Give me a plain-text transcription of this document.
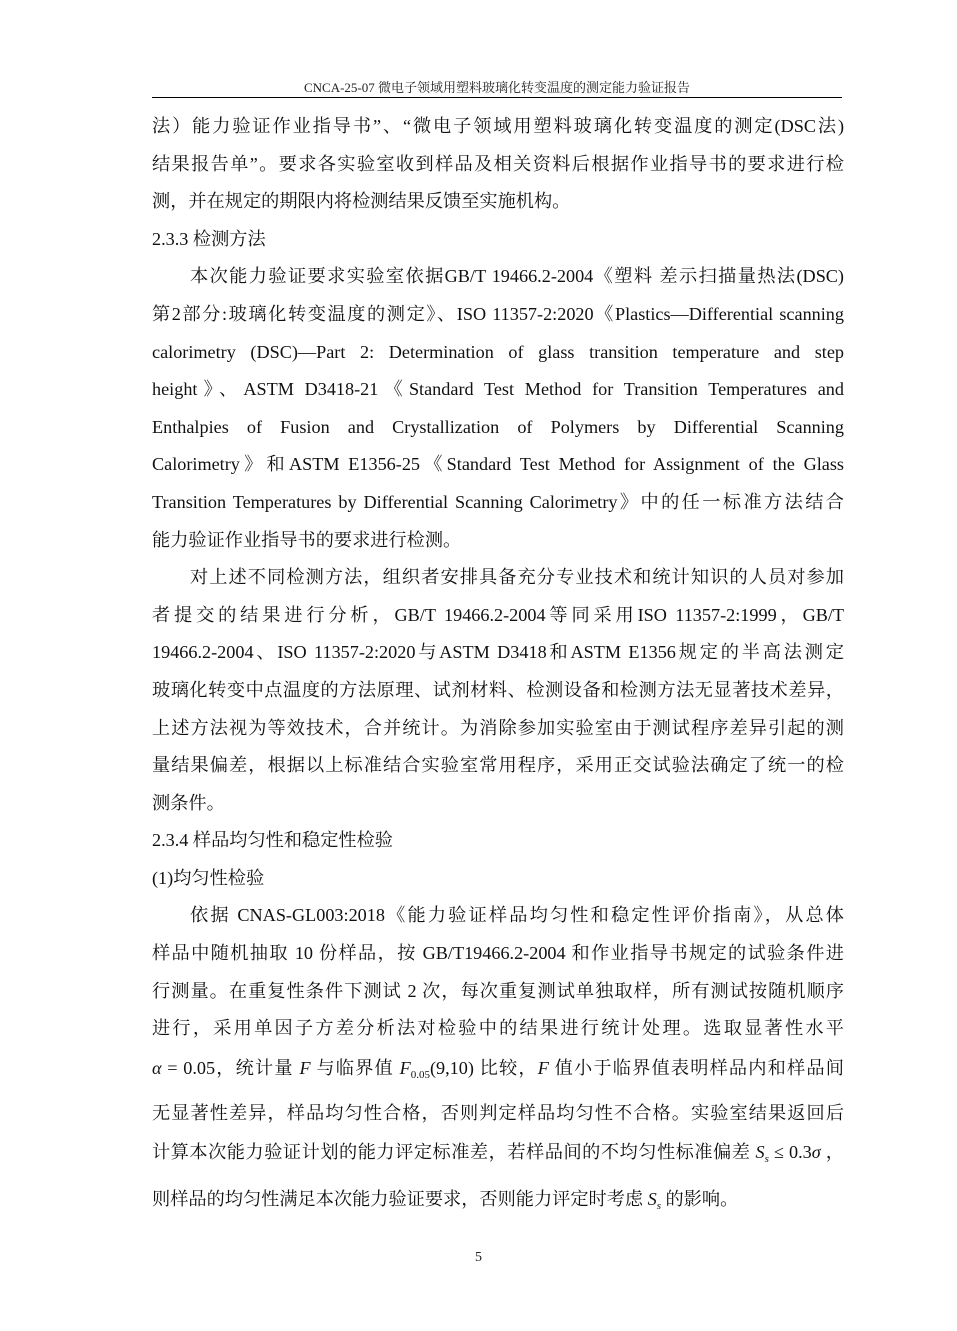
CNCA-25-07 微电子领域用塑料玻璃化转变温度的测定能力验证报告

法）能力验证作业指导书”、“微电子领域用塑料玻璃化转变温度的测定(DSC法)
结果报告单”。要求各实验室收到样品及相关资料后根据作业指导书的要求进行检
测，并在规定的期限内将检测结果反馈至实施机构。

2.3.3 检测方法

本次能力验证要求实验室依据GB/T 19466.2-2004《塑料 差示扫描量热法(DSC)
第2部分:玻璃化转变温度的测定》、ISO 11357-2:2020《Plastics—Differential scanning
calorimetry (DSC)—Part 2: Determination of glass transition temperature and step
height》、ASTM D3418-21《Standard Test Method for Transition Temperatures and
Enthalpies of Fusion and Crystallization of Polymers by Differential Scanning
Calorimetry》和ASTM E1356-25《Standard Test Method for Assignment of the Glass
Transition Temperatures by Differential Scanning Calorimetry》中的任一标准方法结合
能力验证作业指导书的要求进行检测。

对上述不同检测方法，组织者安排具备充分专业技术和统计知识的人员对参加
者提交的结果进行分析，GB/T 19466.2-2004等同采用ISO 11357-2:1999，GB/T
19466.2-2004、ISO 11357-2:2020与ASTM D3418和ASTM E1356规定的半高法测定
玻璃化转变中点温度的方法原理、试剂材料、检测设备和检测方法无显著技术差异，
上述方法视为等效技术，合并统计。为消除参加实验室由于测试程序差异引起的测
量结果偏差，根据以上标准结合实验室常用程序，采用正交试验法确定了统一的检
测条件。

2.3.4 样品均匀性和稳定性检验

(1)均匀性检验

依据 CNAS-GL003:2018《能力验证样品均匀性和稳定性评价指南》，从总体
样品中随机抽取 10 份样品，按 GB/T19466.2-2004 和作业指导书规定的试验条件进
行测量。在重复性条件下测试 2 次，每次重复测试单独取样，所有测试按随机顺序
进行，采用单因子方差分析法对检验中的结果进行统计处理。选取显著性水平
α = 0.05，统计量 F 与临界值 $F_{0.05}(9,10)$ 比较，F 值小于临界值表明样品内和样品间
无显著性差异，样品均匀性合格，否则判定样品均匀性不合格。实验室结果返回后
计算本次能力验证计划的能力评定标准差，若样品间的不均匀性标准偏差 $S_s \le 0.3\sigma$ ，
则样品的均匀性满足本次能力验证要求，否则能力评定时考虑 $S_s$ 的影响。

5
